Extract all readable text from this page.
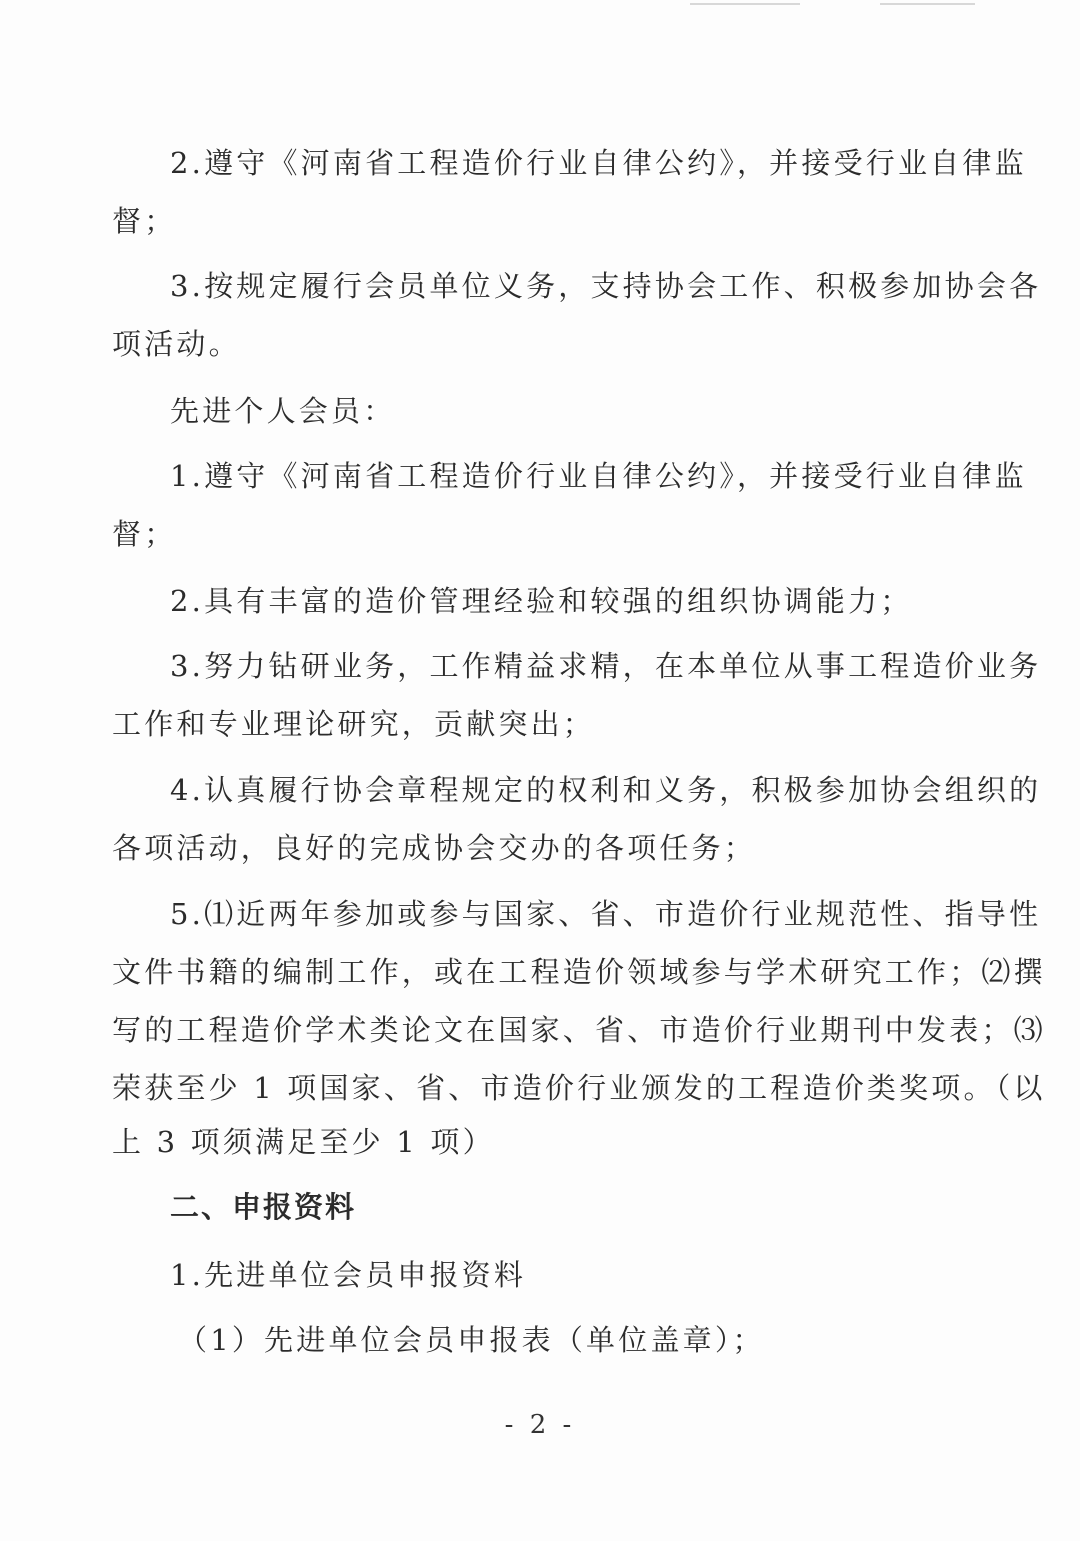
2.遵守《河南省工程造价行业自律公约》，并接受行业自律监
督；
3.按规定履行会员单位义务，支持协会工作、积极参加协会各
项活动。
先进个人会员：
1.遵守《河南省工程造价行业自律公约》，并接受行业自律监
督；
2.具有丰富的造价管理经验和较强的组织协调能力；
3.努力钻研业务，工作精益求精，在本单位从事工程造价业务
工作和专业理论研究，贡献突出；
4.认真履行协会章程规定的权利和义务，积极参加协会组织的
各项活动，良好的完成协会交办的各项任务；
5.⑴近两年参加或参与国家、省、市造价行业规范性、指导性
文件书籍的编制工作，或在工程造价领域参与学术研究工作；⑵撰
写的工程造价学术类论文在国家、省、市造价行业期刊中发表；⑶
荣获至少 1 项国家、省、市造价行业颁发的工程造价类奖项。（以
上 3 项须满足至少 1 项）
二、申报资料
1.先进单位会员申报资料
（1）先进单位会员申报表（单位盖章）；
- 2 -
